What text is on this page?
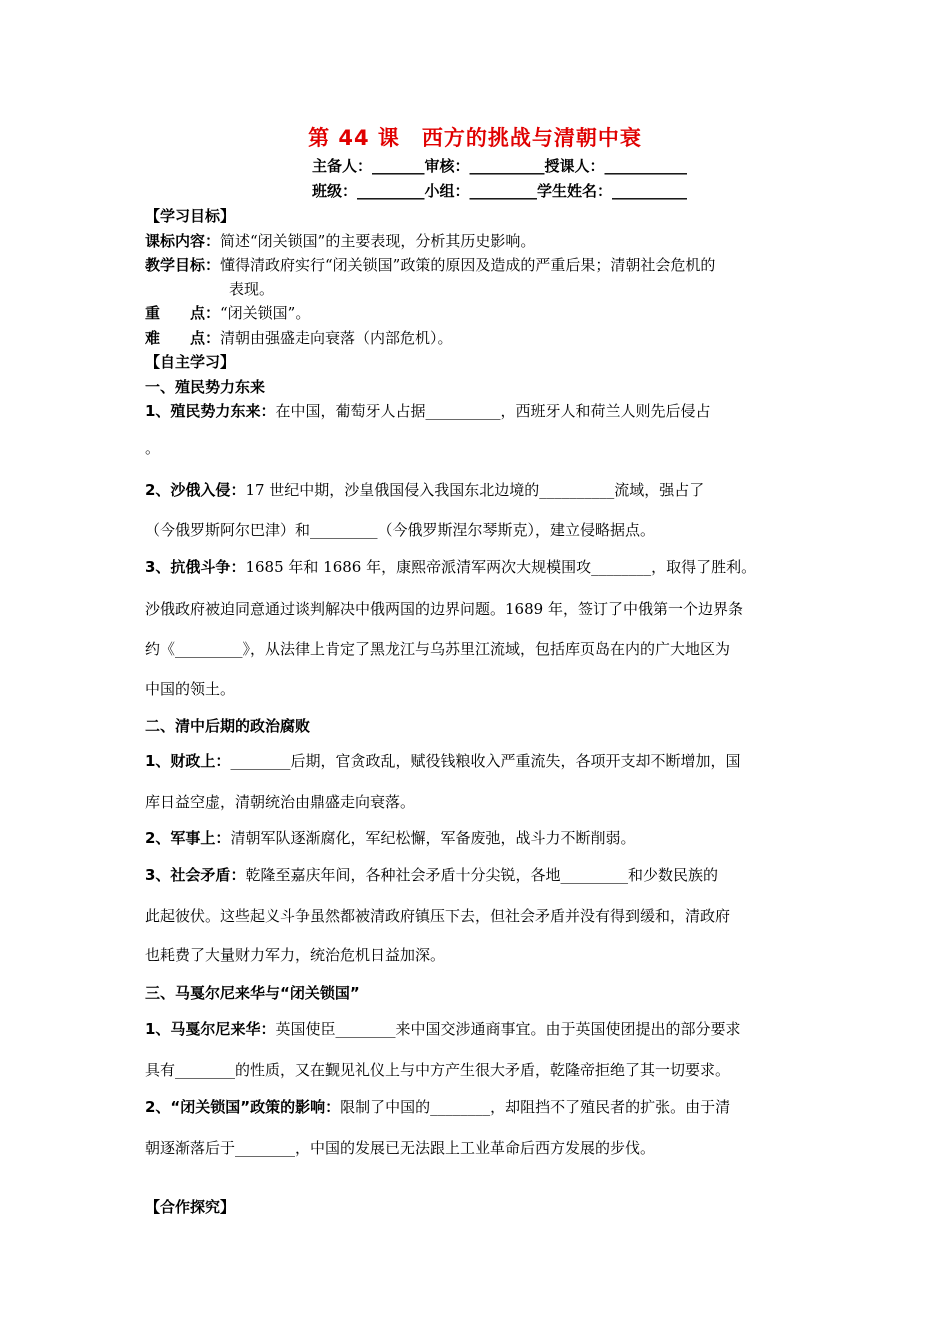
第 44 课　西方的挑战与清朝中衰
主备人：_______审核：__________授课人：___________
班级：_________小组：_________学生姓名：__________
【学习目标】
课标内容：简述“闭关锁国”的主要表现，分析其历史影响。
教学目标：懂得清政府实行“闭关锁国”政策的原因及造成的严重后果；清朝社会危机的
表现。
重　　点：“闭关锁国”。
难　　点：清朝由强盛走向衰落（内部危机）。
【自主学习】
一、殖民势力东来
1、殖民势力东来：在中国，葡萄牙人占据__________，西班牙人和荷兰人则先后侵占
。
2、沙俄入侵：17 世纪中期，沙皇俄国侵入我国东北边境的__________流域，强占了
（今俄罗斯阿尔巴津）和_________（今俄罗斯涅尔琴斯克），建立侵略据点。
3、抗俄斗争：1685 年和 1686 年，康熙帝派清军两次大规模围攻________，取得了胜利。
沙俄政府被迫同意通过谈判解决中俄两国的边界问题。1689 年，签订了中俄第一个边界条
约《_________》，从法律上肯定了黑龙江与乌苏里江流域，包括库页岛在内的广大地区为
中国的领土。
二、清中后期的政治腐败
1、财政上：________后期，官贪政乱，赋役钱粮收入严重流失，各项开支却不断增加，国
库日益空虚，清朝统治由鼎盛走向衰落。
2、军事上：清朝军队逐渐腐化，军纪松懈，军备废弛，战斗力不断削弱。
3、社会矛盾：乾隆至嘉庆年间，各种社会矛盾十分尖锐，各地_________和少数民族的
此起彼伏。这些起义斗争虽然都被清政府镇压下去，但社会矛盾并没有得到缓和，清政府
也耗费了大量财力军力，统治危机日益加深。
三、马戛尔尼来华与“闭关锁国”
1、马戛尔尼来华：英国使臣________来中国交涉通商事宜。由于英国使团提出的部分要求
具有________的性质，又在觐见礼仪上与中方产生很大矛盾，乾隆帝拒绝了其一切要求。
2、“闭关锁国”政策的影响：限制了中国的________，却阻挡不了殖民者的扩张。由于清
朝逐渐落后于________，中国的发展已无法跟上工业革命后西方发展的步伐。
【合作探究】
